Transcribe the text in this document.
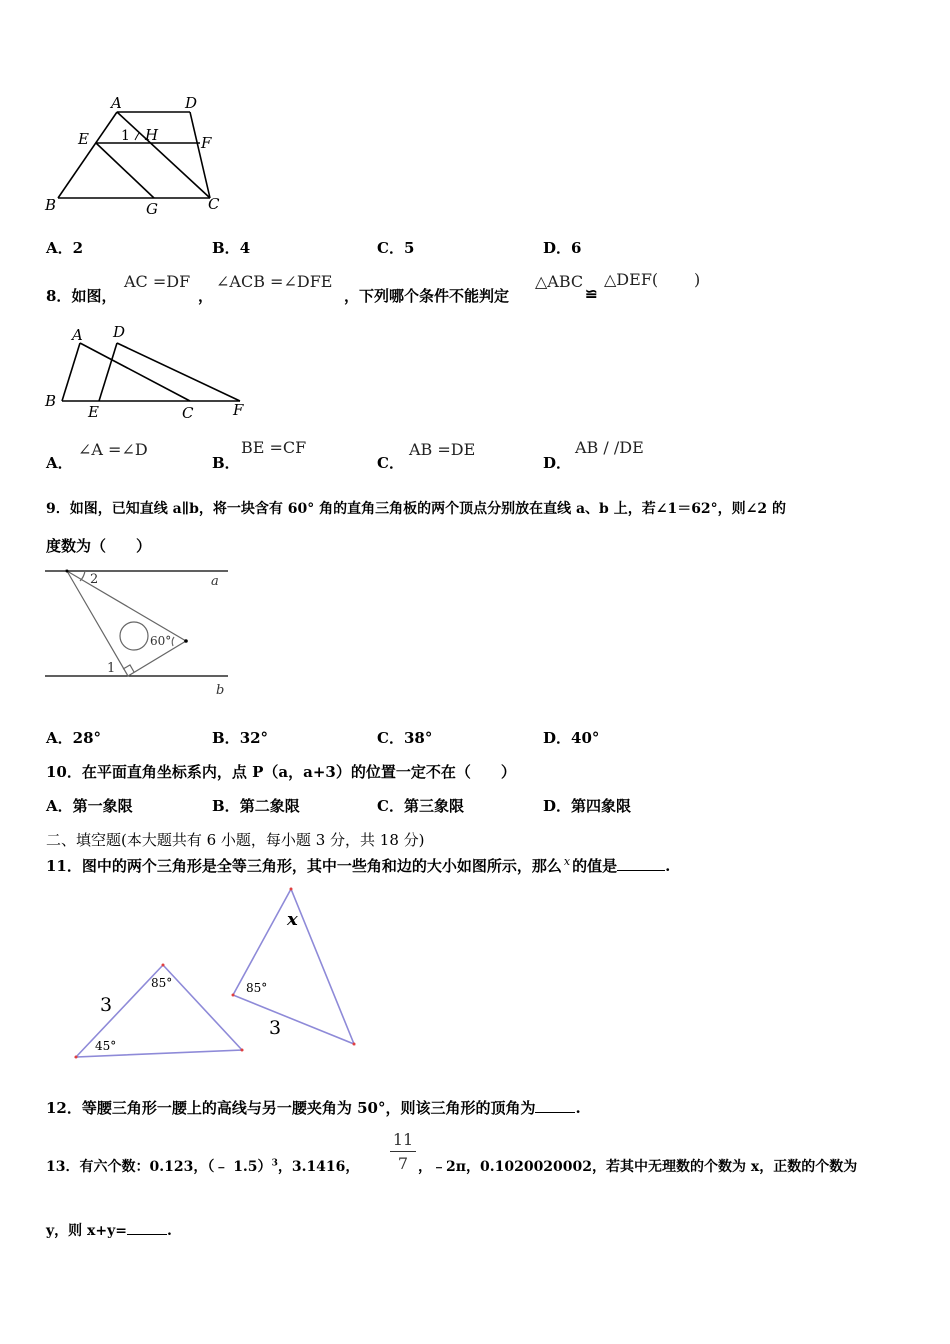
A	D
E 1 H	F
B	G	C
A．2	B．4	C．5	D．6
8．如图，
AC =DF
，
∠ACB =∠DFE
，下列哪个条件不能判定
△ABC
≌
△DEF( )
A D
B
E	C	F
A．
∠A =∠D
B．
BE =CF
C．
AB =DE
D．
AB / /DE
9．如图，已知直线 a∥b，将一块含有 60° 角的直角三角板的两个顶点分别放在直线 a、b 上，若∠1＝62°，则∠2 的
度数为（　　）
2	a
60°
1
b
A．28°	B．32°	C．38°	D．40°
10．在平面直角坐标系内，点 P（a，a+3）的位置一定不在（　　）
A．第一象限	B．第二象限	C．第三象限	D．第四象限
二、填空题(本大题共有 6 小题，每小题 3 分，共 18 分)
11．图中的两个三角形是全等三角形，其中一些角和边的大小如图所示，那么 $^x$ 的值是	.
3
85°
45°
x
85°
3
12．等腰三角形一腰上的高线与另一腰夹角为 50°，则该三角形的顶角为	.
13．有六个数：0.123，（﹣ 1.5）$^3$，3.1416， $\frac{11}{7}$ ，﹣2π，0.1020020002，若其中无理数的个数为 x，正数的个数为
y，则 x+y=	.
